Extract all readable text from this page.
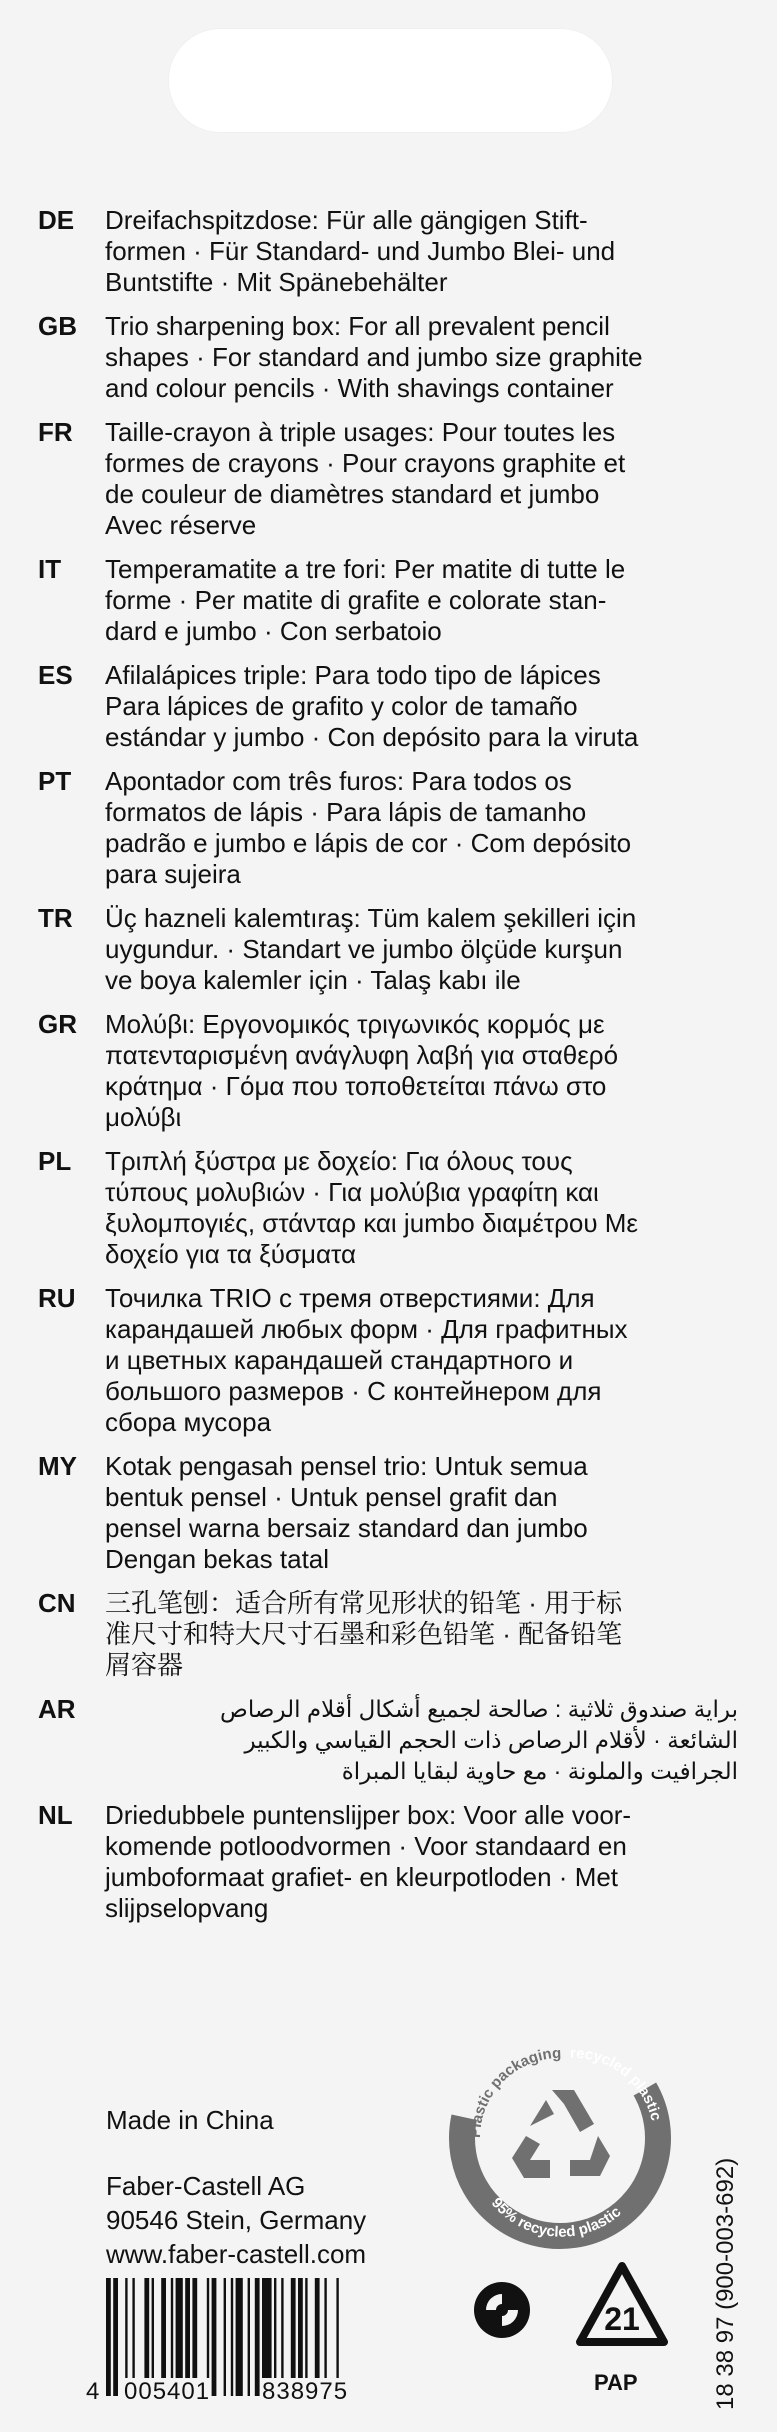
DE	Dreifachspitzdose: Für alle gängigen Stift-
formen · Für Standard- und Jumbo Blei- und
Buntstifte · Mit Spänebehälter
GB	Trio sharpening box: For all prevalent pencil
shapes · For standard and jumbo size graphite
and colour pencils · With shavings container
FR	Taille-crayon à triple usages: Pour toutes les
formes de crayons · Pour crayons graphite et
de couleur de diamètres standard et jumbo
Avec réserve
IT	Temperamatite a tre fori: Per matite di tutte le
forme · Per matite di grafite e colorate stan-
dard e jumbo · Con serbatoio
ES	Afilalápices triple: Para todo tipo de lápices
Para lápices de grafito y color de tamaño
estándar y jumbo · Con depósito para la viruta
PT	Apontador com três furos: Para todos os
formatos de lápis · Para lápis de tamanho
padrão e jumbo e lápis de cor · Com depósito
para sujeira
TR	Üç hazneli kalemtıraş: Tüm kalem şekilleri için
uygundur. · Standart ve jumbo ölçüde kurşun
ve boya kalemler için · Talaş kabı ile
GR	Μολύβι: Εργονομικός τριγωνικός κορμός με
πατενταρισμένη ανάγλυφη λαβή για σταθερό
κράτημα · Γόμα που τοποθετείται πάνω στο
μολύβι
PL	Τριπλή ξύστρα με δοχείο: Για όλους τους
τύπους μολυβιών · Για μολύβια γραφίτη και
ξυλομπογιές, στάνταρ και jumbo διαμέτρου Με
δοχείο για τα ξύσματα
RU	Точилка TRIO с тремя отверстиями: Для
карандашей любых форм · Для графитных
и цветных карандашей стандартного и
большого размеров · С контейнером для
сбора мусора
MY	Kotak pengasah pensel trio: Untuk semua
bentuk pensel · Untuk pensel grafit dan
pensel warna bersaiz standard dan jumbo
Dengan bekas tatal
CN	三孔笔刨：适合所有常见形状的铅笔 · 用于标
准尺寸和特大尺寸石墨和彩色铅笔 · 配备铅笔
屑容器
AR	براية صندوق ثلاثية : صالحة لجميع أشكال أقلام الرصاص
الشائعة · لأقلام الرصاص ذات الحجم القياسي والكبير
الجرافيت والملونة · مع حاوية لبقايا المبراة
NL	Driedubbele puntenslijper box: Voor alle voor-
komende potloodvormen · Voor standaard en
jumboformaat grafiet- en kleurpotloden · Met
slijpselopvang
Made in China
Faber-Castell AG
90546 Stein, Germany
www.faber-castell.com
Plastic packaging recycled plastic
95% recycled plastic
4 005401 838975
21
PAP	18 38 97 (900-003-692)
